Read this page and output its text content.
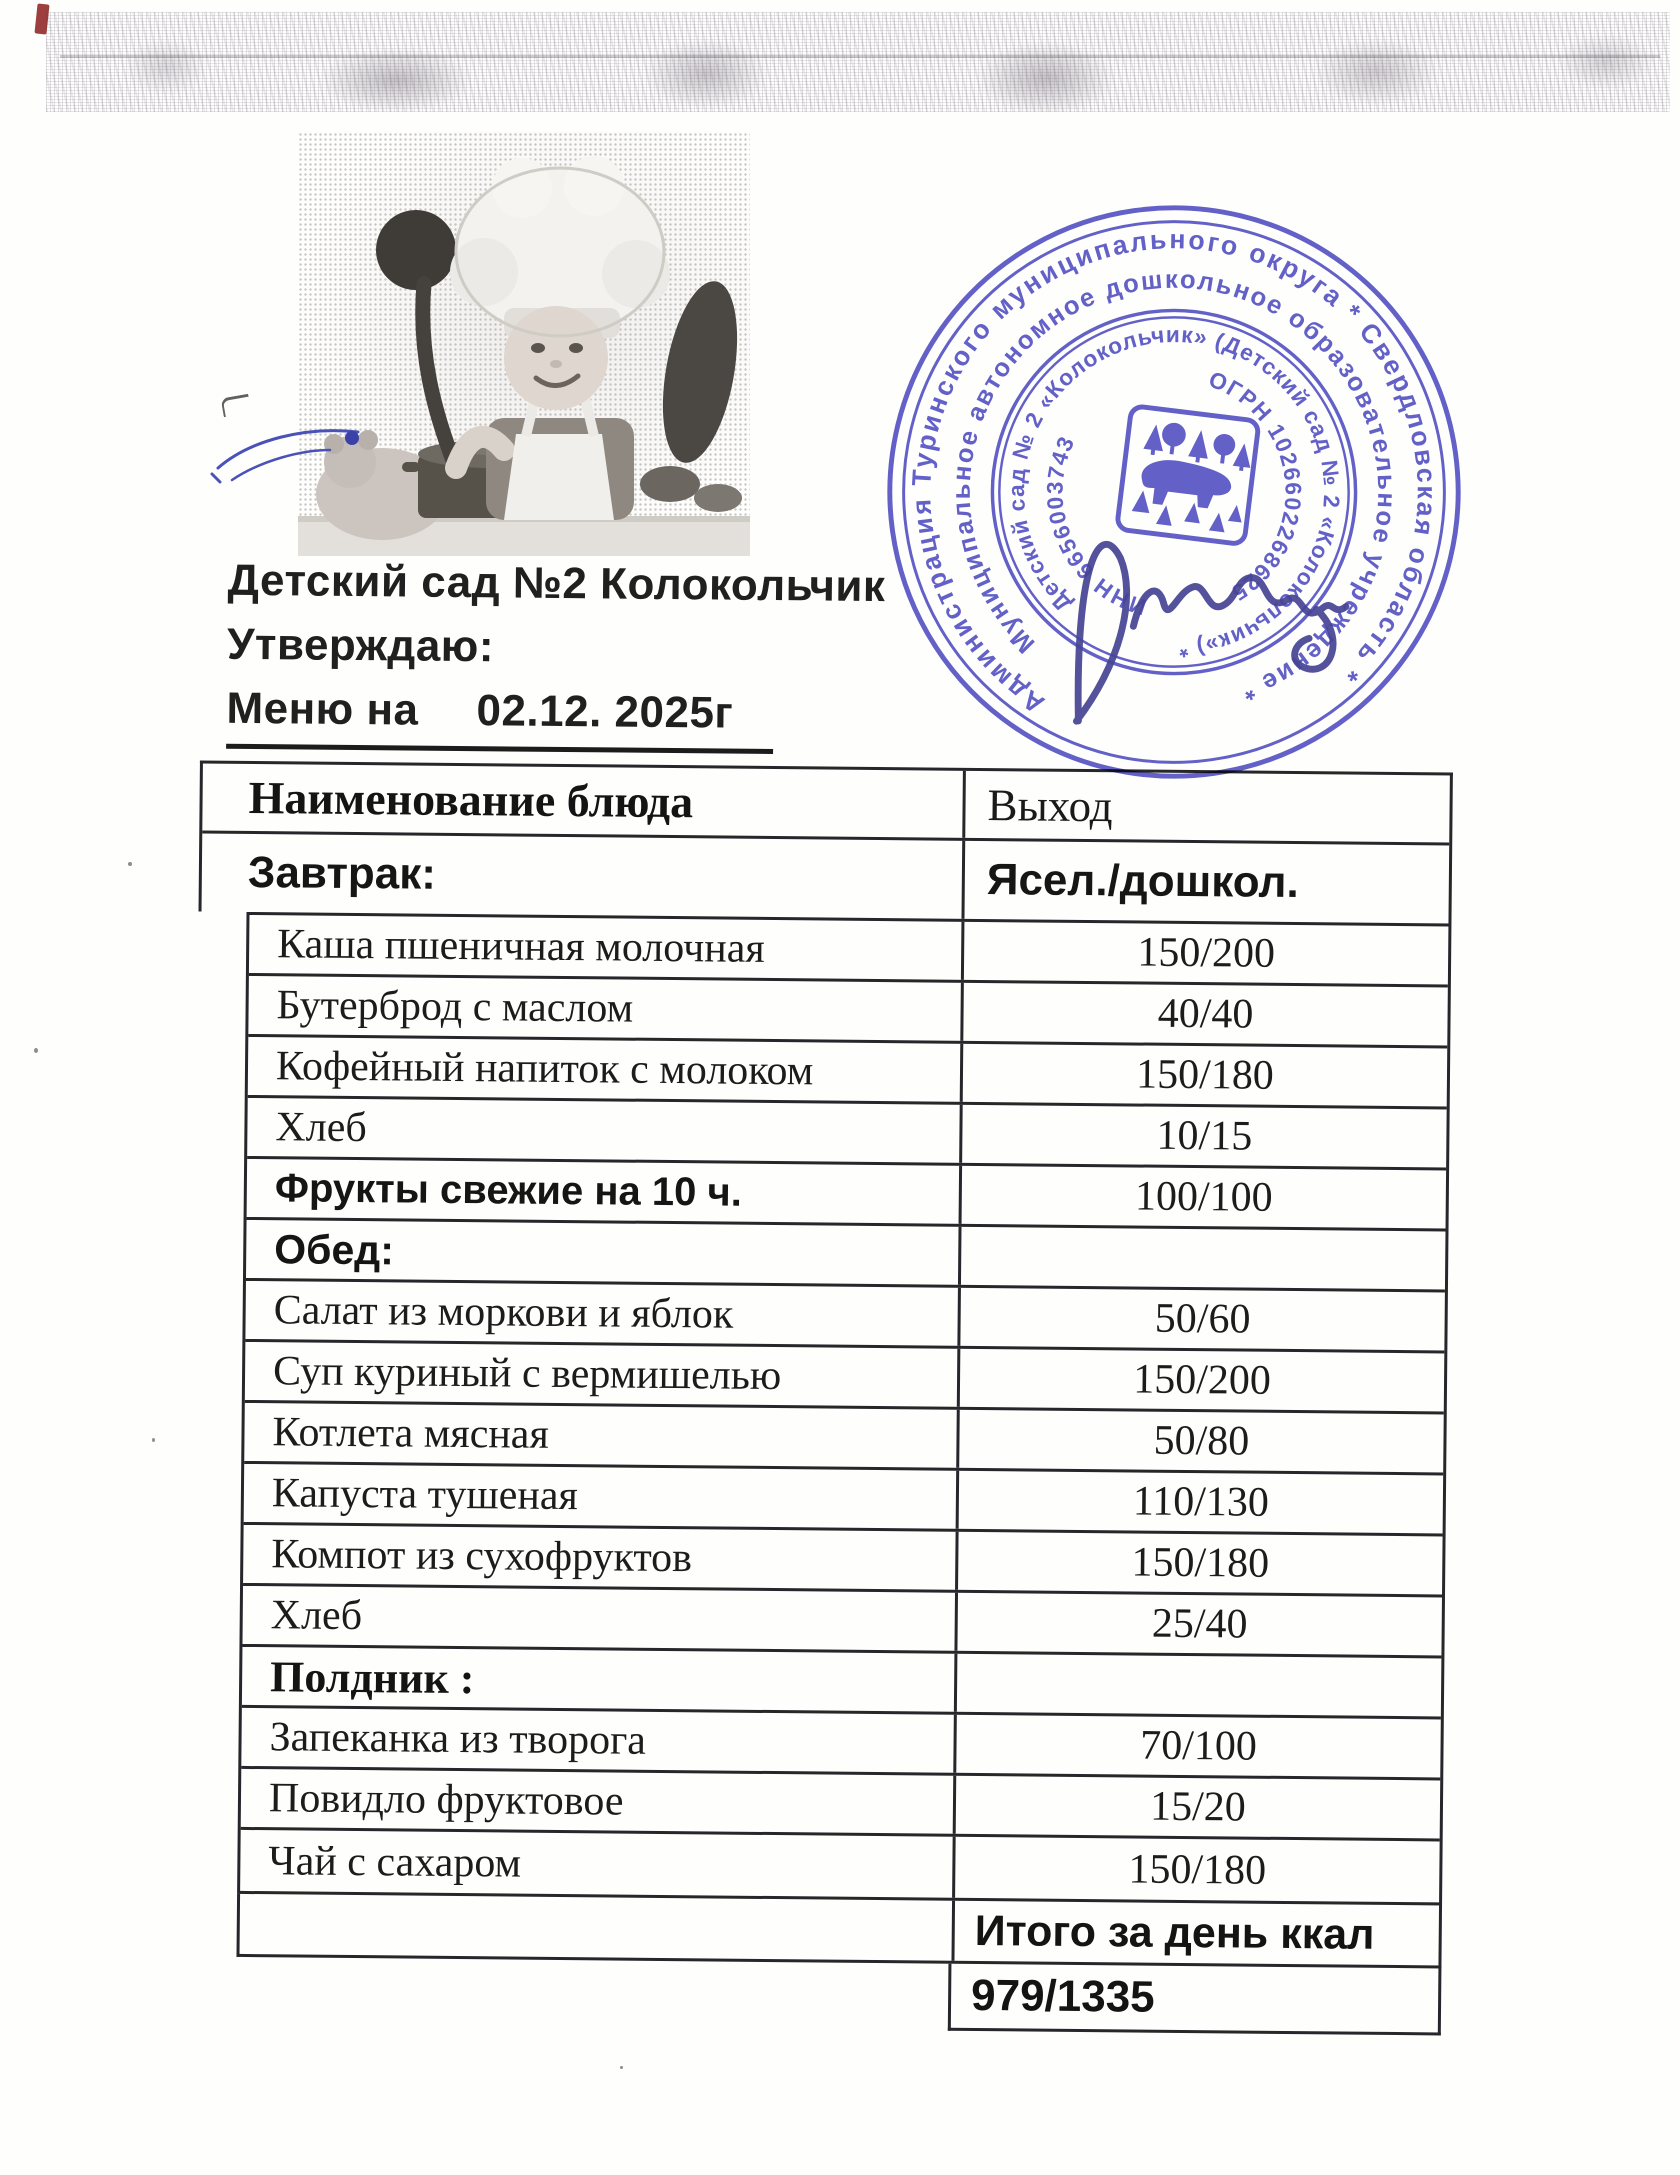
Детский сад №2 Колокольчик
Утверждаю:
Меню на 02.12. 2025г
Наименование блюда	Выход
Завтрак:	Ясел./дошкол.
Каша пшеничная молочная	150/200
Бутерброд с маслом	40/40
Кофейный напиток с молоком	150/180
Хлеб	10/15
Фрукты свежие на 10 ч.	100/100
Обед:
Салат из моркови и яблок	50/60
Суп куриный с вермишелью	150/200
Котлета мясная	50/80
Капуста тушеная	110/130
Компот из сухофруктов	150/180
Хлеб	25/40
Полдник :
Запеканка из творога	70/100
Повидло фруктовое	15/20
Чай с сахаром	150/180
Итого за день ккал
979/1335
Администрация Туринского муниципального округа * Свердловская область *
Муниципальное автономное дошкольное образовательное учреждение *
Детский сад № 2 «Колокольчик» (Детский сад № 2 «Колокольчик») *
ОГРН 1026602268625
ИНН 6656003743
